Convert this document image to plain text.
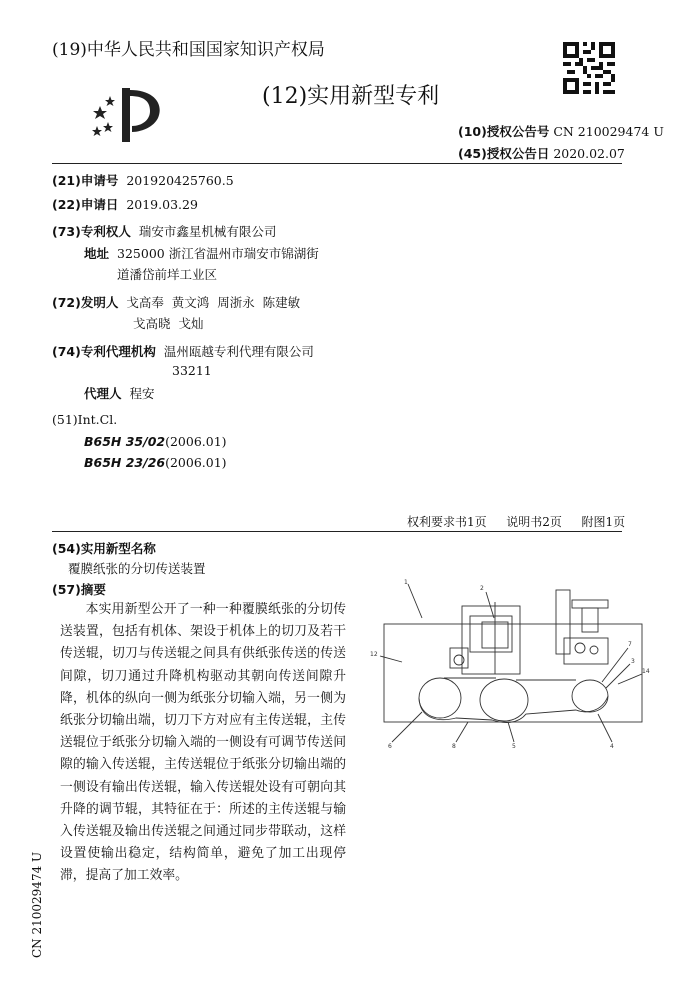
(19)中华人民共和国国家知识产权局
(12)实用新型专利
(10)授权公告号 CN 210029474 U
(45)授权公告日 2020.02.07
(21)申请号 201920425760.5
(22)申请日 2019.03.29
(73)专利权人 瑞安市鑫星机械有限公司
地址 325000 浙江省温州市瑞安市锦湖街
道潘岱前垟工业区
(72)发明人 戈高奉  黄文鸿  周浙永  陈建敏
戈高晓  戈灿
(74)专利代理机构 温州瓯越专利代理有限公司
33211
代理人 程安
(51)Int.Cl.
B65H 35/02(2006.01)
B65H 23/26(2006.01)
权利要求书1页  说明书2页  附图1页
(54)实用新型名称
覆膜纸张的分切传送装置
(57)摘要
本实用新型公开了一种一种覆膜纸张的分切传送装置，包括有机体、架设于机体上的切刀及若干传送辊，切刀与传送辊之间具有供纸张传送的传送间隙，切刀通过升降机构驱动其朝向传送间隙升降，机体的纵向一侧为纸张分切输入端，另一侧为纸张分切输出端，切刀下方对应有主传送辊，主传送辊位于纸张分切输入端的一侧设有可调节传送间隙的输入传送辊，主传送辊位于纸张分切输出端的一侧设有输出传送辊，输入传送辊处设有可朝向其升降的调节辊，其特征在于：所述的主传送辊与输入传送辊及输出传送辊之间通过同步带联动，这样设置使输出稳定，结构简单，避免了加工出现停滞，提高了加工效率。
CN 210029474 U
1
12
2
7
3
14
6	8	5	4
